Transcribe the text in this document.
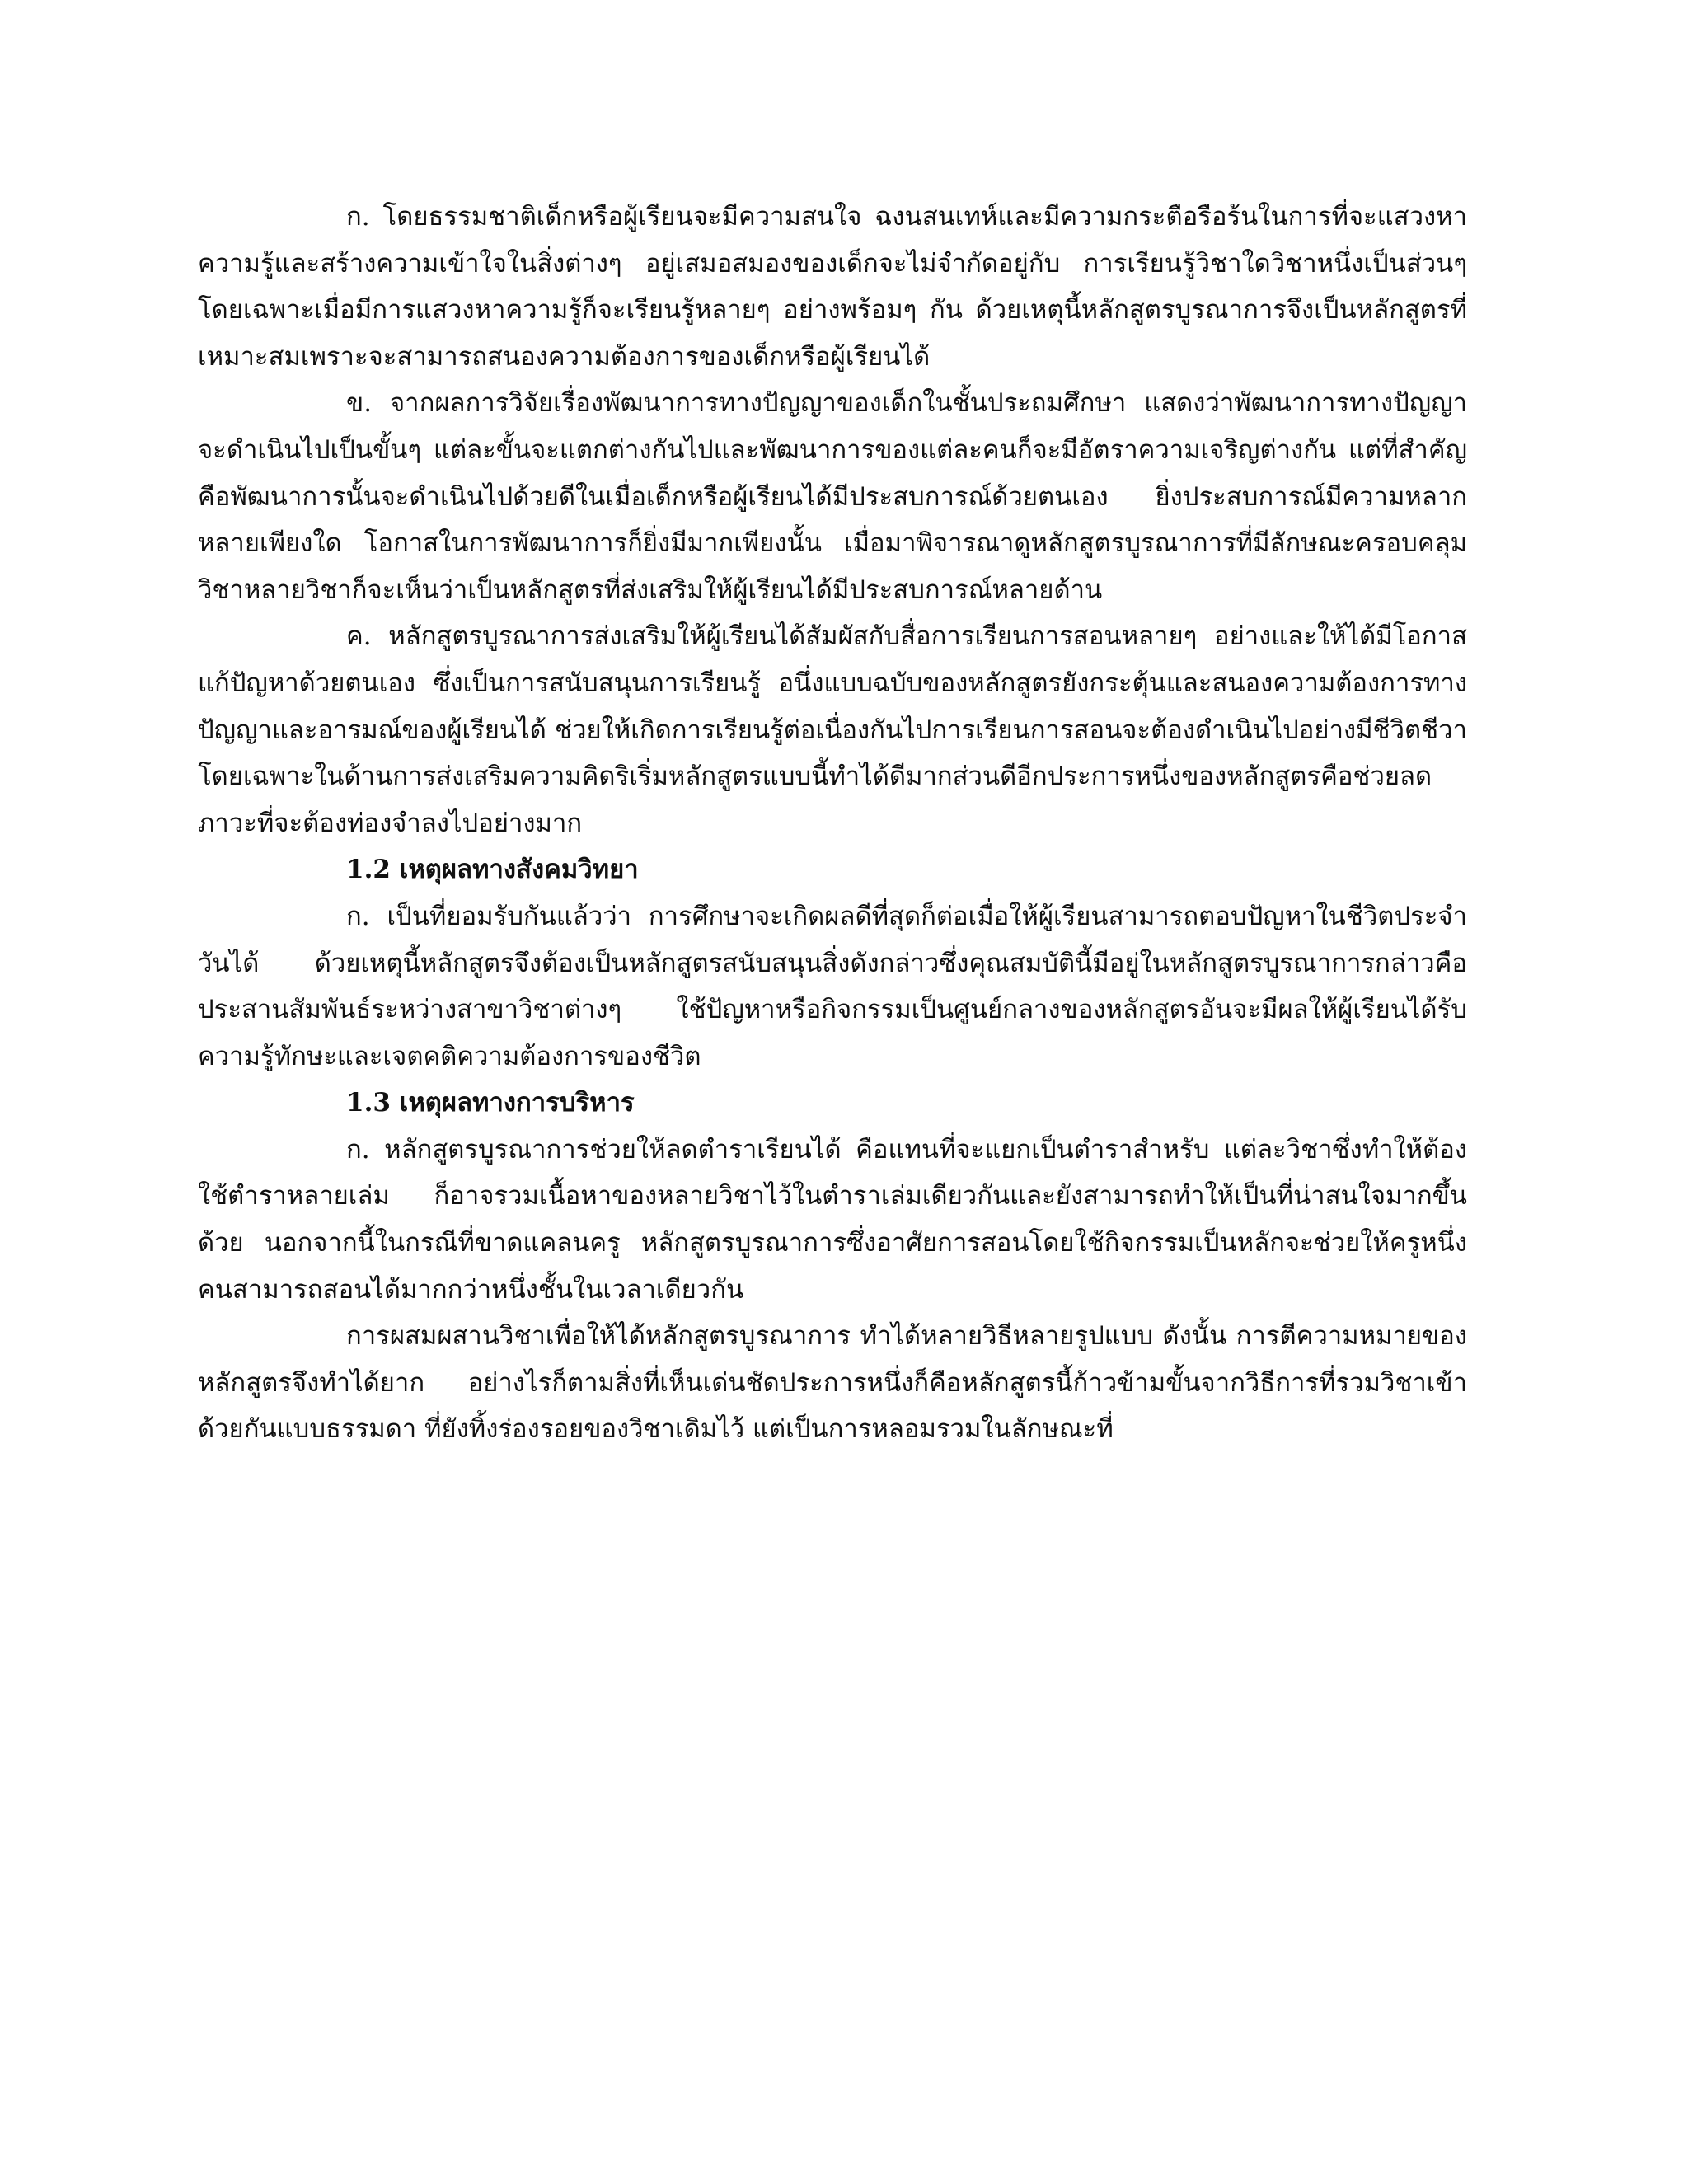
ก. โดยธรรมชาติเด็กหรือผู้เรียนจะมีความสนใจ ฉงนสนเทห์และมีความกระตือรือร้นในการที่จะแสวงหาความรู้และสร้างความเข้าใจในสิ่งต่างๆ อยู่เสมอสมองของเด็กจะไม่จำกัดอยู่กับ การเรียนรู้วิชาใดวิชาหนึ่งเป็นส่วนๆ โดยเฉพาะเมื่อมีการแสวงหาความรู้ก็จะเรียนรู้หลายๆ อย่างพร้อมๆ กัน ด้วยเหตุนี้หลักสูตรบูรณาการจึงเป็นหลักสูตรที่เหมาะสมเพราะจะสามารถสนองความต้องการของเด็กหรือผู้เรียนได้

ข. จากผลการวิจัยเรื่องพัฒนาการทางปัญญาของเด็กในชั้นประถมศึกษา แสดงว่าพัฒนาการทางปัญญาจะดำเนินไปเป็นขั้นๆ แต่ละขั้นจะแตกต่างกันไปและพัฒนาการของแต่ละคนก็จะมีอัตราความเจริญต่างกัน แต่ที่สำคัญคือพัฒนาการนั้นจะดำเนินไปด้วยดีในเมื่อเด็กหรือผู้เรียนได้มีประสบการณ์ด้วยตนเอง ยิ่งประสบการณ์มีความหลากหลายเพียงใด โอกาสในการพัฒนาการก็ยิ่งมีมากเพียงนั้น เมื่อมาพิจารณาดูหลักสูตรบูรณาการที่มีลักษณะครอบคลุมวิชาหลายวิชาก็จะเห็นว่าเป็นหลักสูตรที่ส่งเสริมให้ผู้เรียนได้มีประสบการณ์หลายด้าน

ค. หลักสูตรบูรณาการส่งเสริมให้ผู้เรียนได้สัมผัสกับสื่อการเรียนการสอนหลายๆ อย่างและให้ได้มีโอกาสแก้ปัญหาด้วยตนเอง ซึ่งเป็นการสนับสนุนการเรียนรู้ อนึ่งแบบฉบับของหลักสูตรยังกระตุ้นและสนองความต้องการทางปัญญาและอารมณ์ของผู้เรียนได้ ช่วยให้เกิดการเรียนรู้ต่อเนื่องกันไปการเรียนการสอนจะต้องดำเนินไปอย่างมีชีวิตชีวา โดยเฉพาะในด้านการส่งเสริมความคิดริเริ่มหลักสูตรแบบนี้ทำได้ดีมากส่วนดีอีกประการหนึ่งของหลักสูตรคือช่วยลดภาวะที่จะต้องท่องจำลงไปอย่างมาก

1.2 เหตุผลทางสังคมวิทยา

ก. เป็นที่ยอมรับกันแล้วว่า การศึกษาจะเกิดผลดีที่สุดก็ต่อเมื่อให้ผู้เรียนสามารถตอบปัญหาในชีวิตประจำวันได้ ด้วยเหตุนี้หลักสูตรจึงต้องเป็นหลักสูตรสนับสนุนสิ่งดังกล่าวซึ่งคุณสมบัตินี้มีอยู่ในหลักสูตรบูรณาการกล่าวคือ ประสานสัมพันธ์ระหว่างสาขาวิชาต่างๆ ใช้ปัญหาหรือกิจกรรมเป็นศูนย์กลางของหลักสูตรอันจะมีผลให้ผู้เรียนได้รับความรู้ทักษะและเจตคติความต้องการของชีวิต

1.3 เหตุผลทางการบริหาร

ก. หลักสูตรบูรณาการช่วยให้ลดตำราเรียนได้ คือแทนที่จะแยกเป็นตำราสำหรับ แต่ละวิชาซึ่งทำให้ต้องใช้ตำราหลายเล่ม ก็อาจรวมเนื้อหาของหลายวิชาไว้ในตำราเล่มเดียวกันและยังสามารถทำให้เป็นที่น่าสนใจมากขึ้นด้วย นอกจากนี้ในกรณีที่ขาดแคลนครู หลักสูตรบูรณาการซึ่งอาศัยการสอนโดยใช้กิจกรรมเป็นหลักจะช่วยให้ครูหนึ่งคนสามารถสอนได้มากกว่าหนึ่งชั้นในเวลาเดียวกัน

การผสมผสานวิชาเพื่อให้ได้หลักสูตรบูรณาการ ทำได้หลายวิธีหลายรูปแบบ ดังนั้น การตีความหมายของหลักสูตรจึงทำได้ยาก อย่างไรก็ตามสิ่งที่เห็นเด่นชัดประการหนึ่งก็คือหลักสูตรนี้ก้าวข้ามขั้นจากวิธีการที่รวมวิชาเข้าด้วยกันแบบธรรมดา ที่ยังทิ้งร่องรอยของวิชาเดิมไว้ แต่เป็นการหลอมรวมในลักษณะที่
